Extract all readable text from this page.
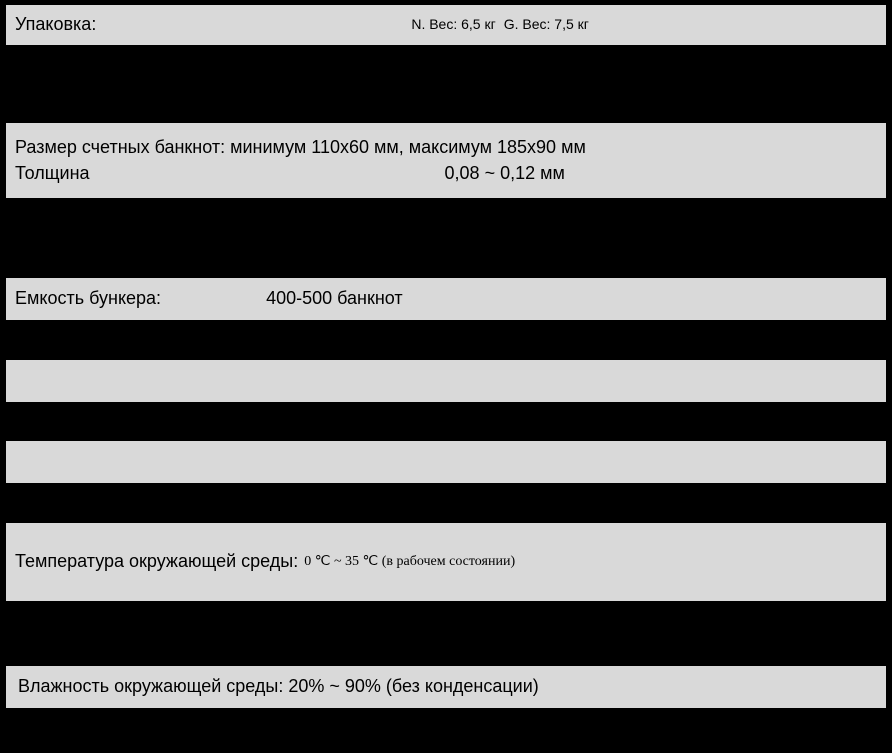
Упаковка:	N. Вес: 6,5 кг G. Вес: 7,5 кг
Размер счетных банкнот: минимум 110x60 мм, максимум 185x90 мм
Толщина	0,08 ~ 0,12 мм
Емкость бункера:	400-500 банкнот
Температура окружающей среды: 0 ℃ ~ 35 ℃ (в рабочем состоянии)
Влажность окружающей среды: 20% ~ 90% (без конденсации)
